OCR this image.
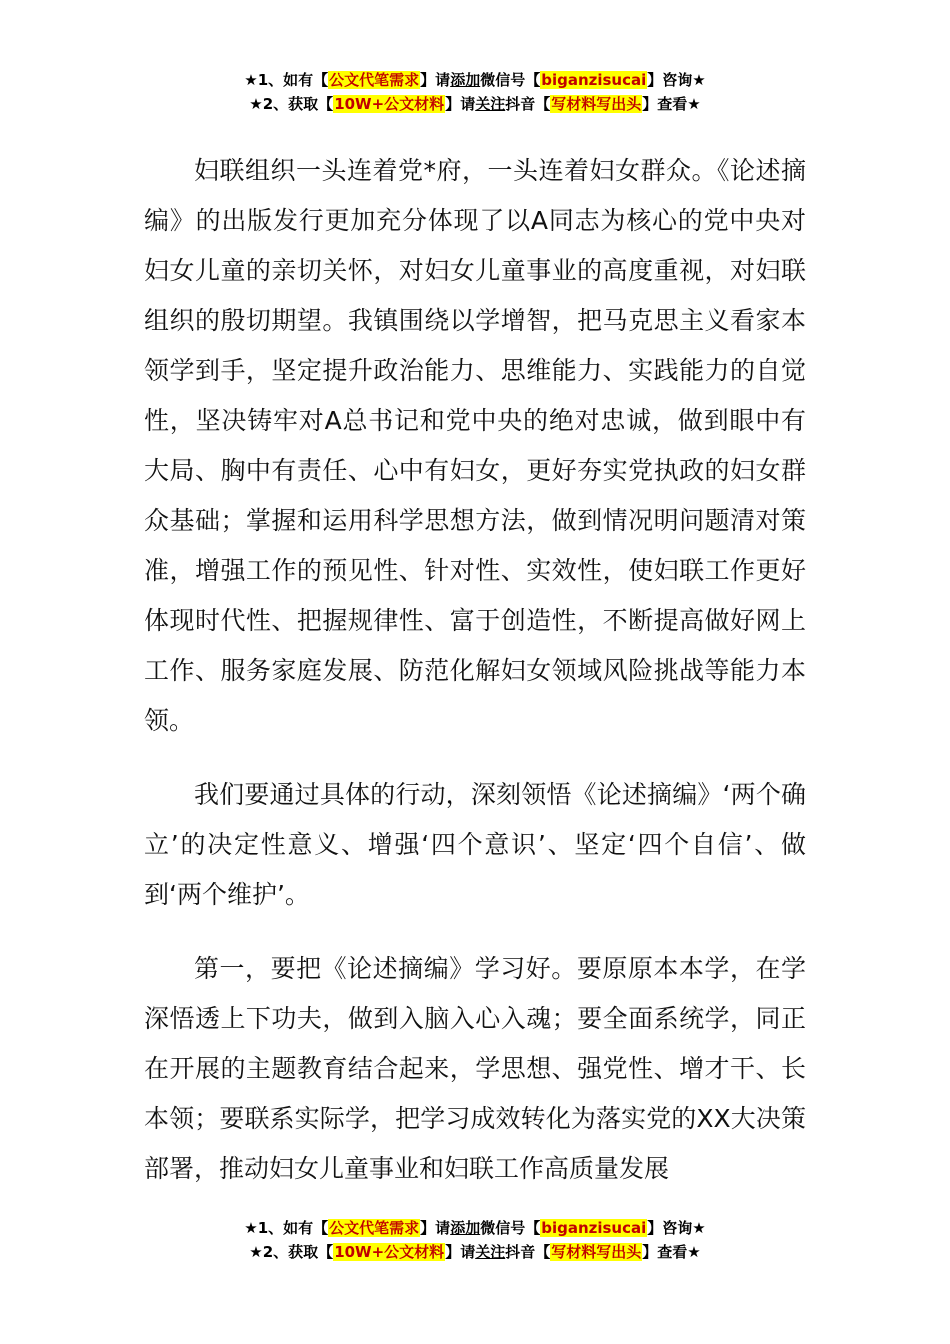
★1、如有【公文代笔需求】请添加微信号【biganzisucai】咨询★
★2、获取【10W+公文材料】请关注抖音【写材料写出头】查看★

妇联组织一头连着党*府，一头连着妇女群众。《论述摘编》的出版发行更加充分体现了以A同志为核心的党中央对妇女儿童的亲切关怀，对妇女儿童事业的高度重视，对妇联组织的殷切期望。我镇围绕以学增智，把马克思主义看家本领学到手，坚定提升政治能力、思维能力、实践能力的自觉性，坚决铸牢对A总书记和党中央的绝对忠诚，做到眼中有大局、胸中有责任、心中有妇女，更好夯实党执政的妇女群众基础；掌握和运用科学思想方法，做到情况明问题清对策准，增强工作的预见性、针对性、实效性，使妇联工作更好体现时代性、把握规律性、富于创造性，不断提高做好网上工作、服务家庭发展、防范化解妇女领域风险挑战等能力本领。

我们要通过具体的行动，深刻领悟《论述摘编》‘两个确立’的决定性意义、增强‘四个意识’、坚定‘四个自信’、做到‘两个维护’。

第一，要把《论述摘编》学习好。要原原本本学，在学深悟透上下功夫，做到入脑入心入魂；要全面系统学，同正在开展的主题教育结合起来，学思想、强党性、增才干、长本领；要联系实际学，把学习成效转化为落实党的XX大决策部署，推动妇女儿童事业和妇联工作高质量发展

★1、如有【公文代笔需求】请添加微信号【biganzisucai】咨询★
★2、获取【10W+公文材料】请关注抖音【写材料写出头】查看★
